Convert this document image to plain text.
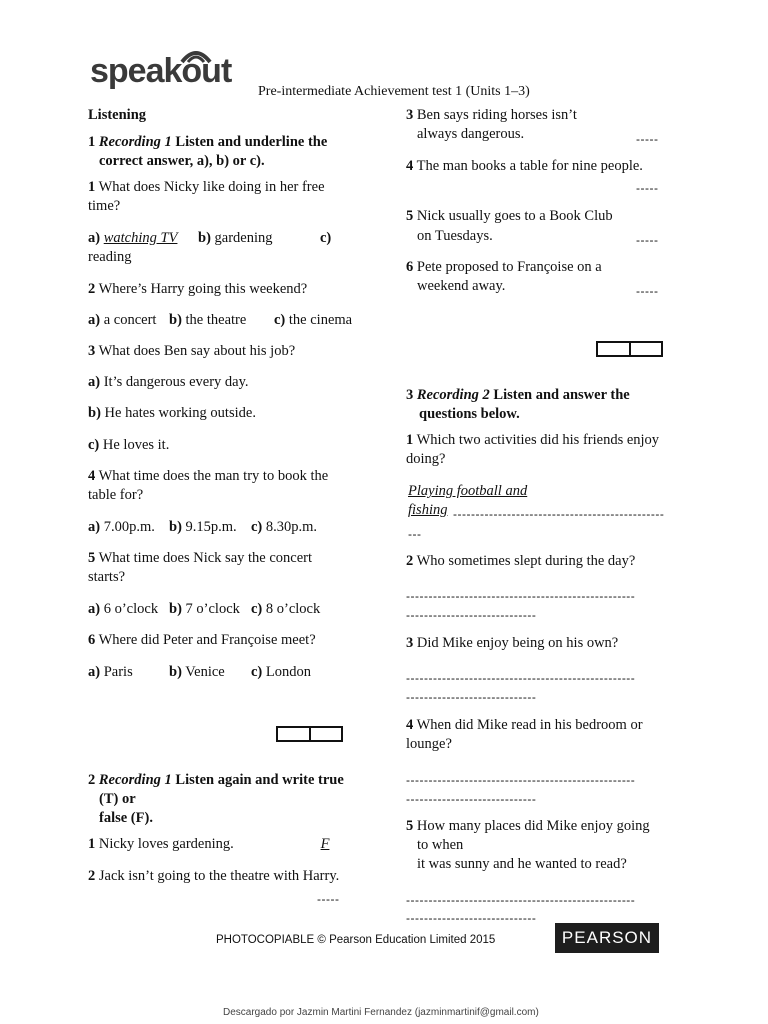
speakout
Pre-intermediate Achievement test 1 (Units 1–3)
Listening
1 Recording 1 Listen and underline the
correct answer, a), b) or c).
1 What does Nicky like doing in her free
time?
a) watching TV b) gardening	c)
reading
2 Where’s Harry going this weekend?
a) a concert b) the theatre c) the cinema
3 What does Ben say about his job?
a) It’s dangerous every day.
b) He hates working outside.
c) He loves it.
4 What time does the man try to book the
table for?
a) 7.00p.m. b) 9.15p.m. c) 8.30p.m.
5 What time does Nick say the concert
starts?
a) 6 o’clock b) 7 o’clock c) 8 o’clock
6 Where did Peter and Françoise meet?
a) Paris	b) Venice c) London
2 Recording 1 Listen again and write true
(T) or
false (F).
1 Nicky loves gardening.	F
2 Jack isn’t going to the theatre with Harry.
-----
3 Ben says riding horses isn’t
always dangerous.	-----
4 The man books a table for nine people.
-----
5 Nick usually goes to a Book Club
on Tuesdays.	-----
6 Pete proposed to Françoise on a
weekend away.	-----
3 Recording 2 Listen and answer the
questions below.
1 Which two activities did his friends enjoy
doing?
Playing football and
fishing -----------------------------------------------
---
2 Who sometimes slept during the day?
---------------------------------------------------
-----------------------------
3 Did Mike enjoy being on his own?
---------------------------------------------------
-----------------------------
4 When did Mike read in his bedroom or
lounge?
---------------------------------------------------
-----------------------------
5 How many places did Mike enjoy going
to when
it was sunny and he wanted to read?
---------------------------------------------------
-----------------------------
PHOTOCOPIABLE © Pearson Education Limited 2015	PEARSON
Descargado por Jazmin Martini Fernandez (jazminmartinif@gmail.com)
